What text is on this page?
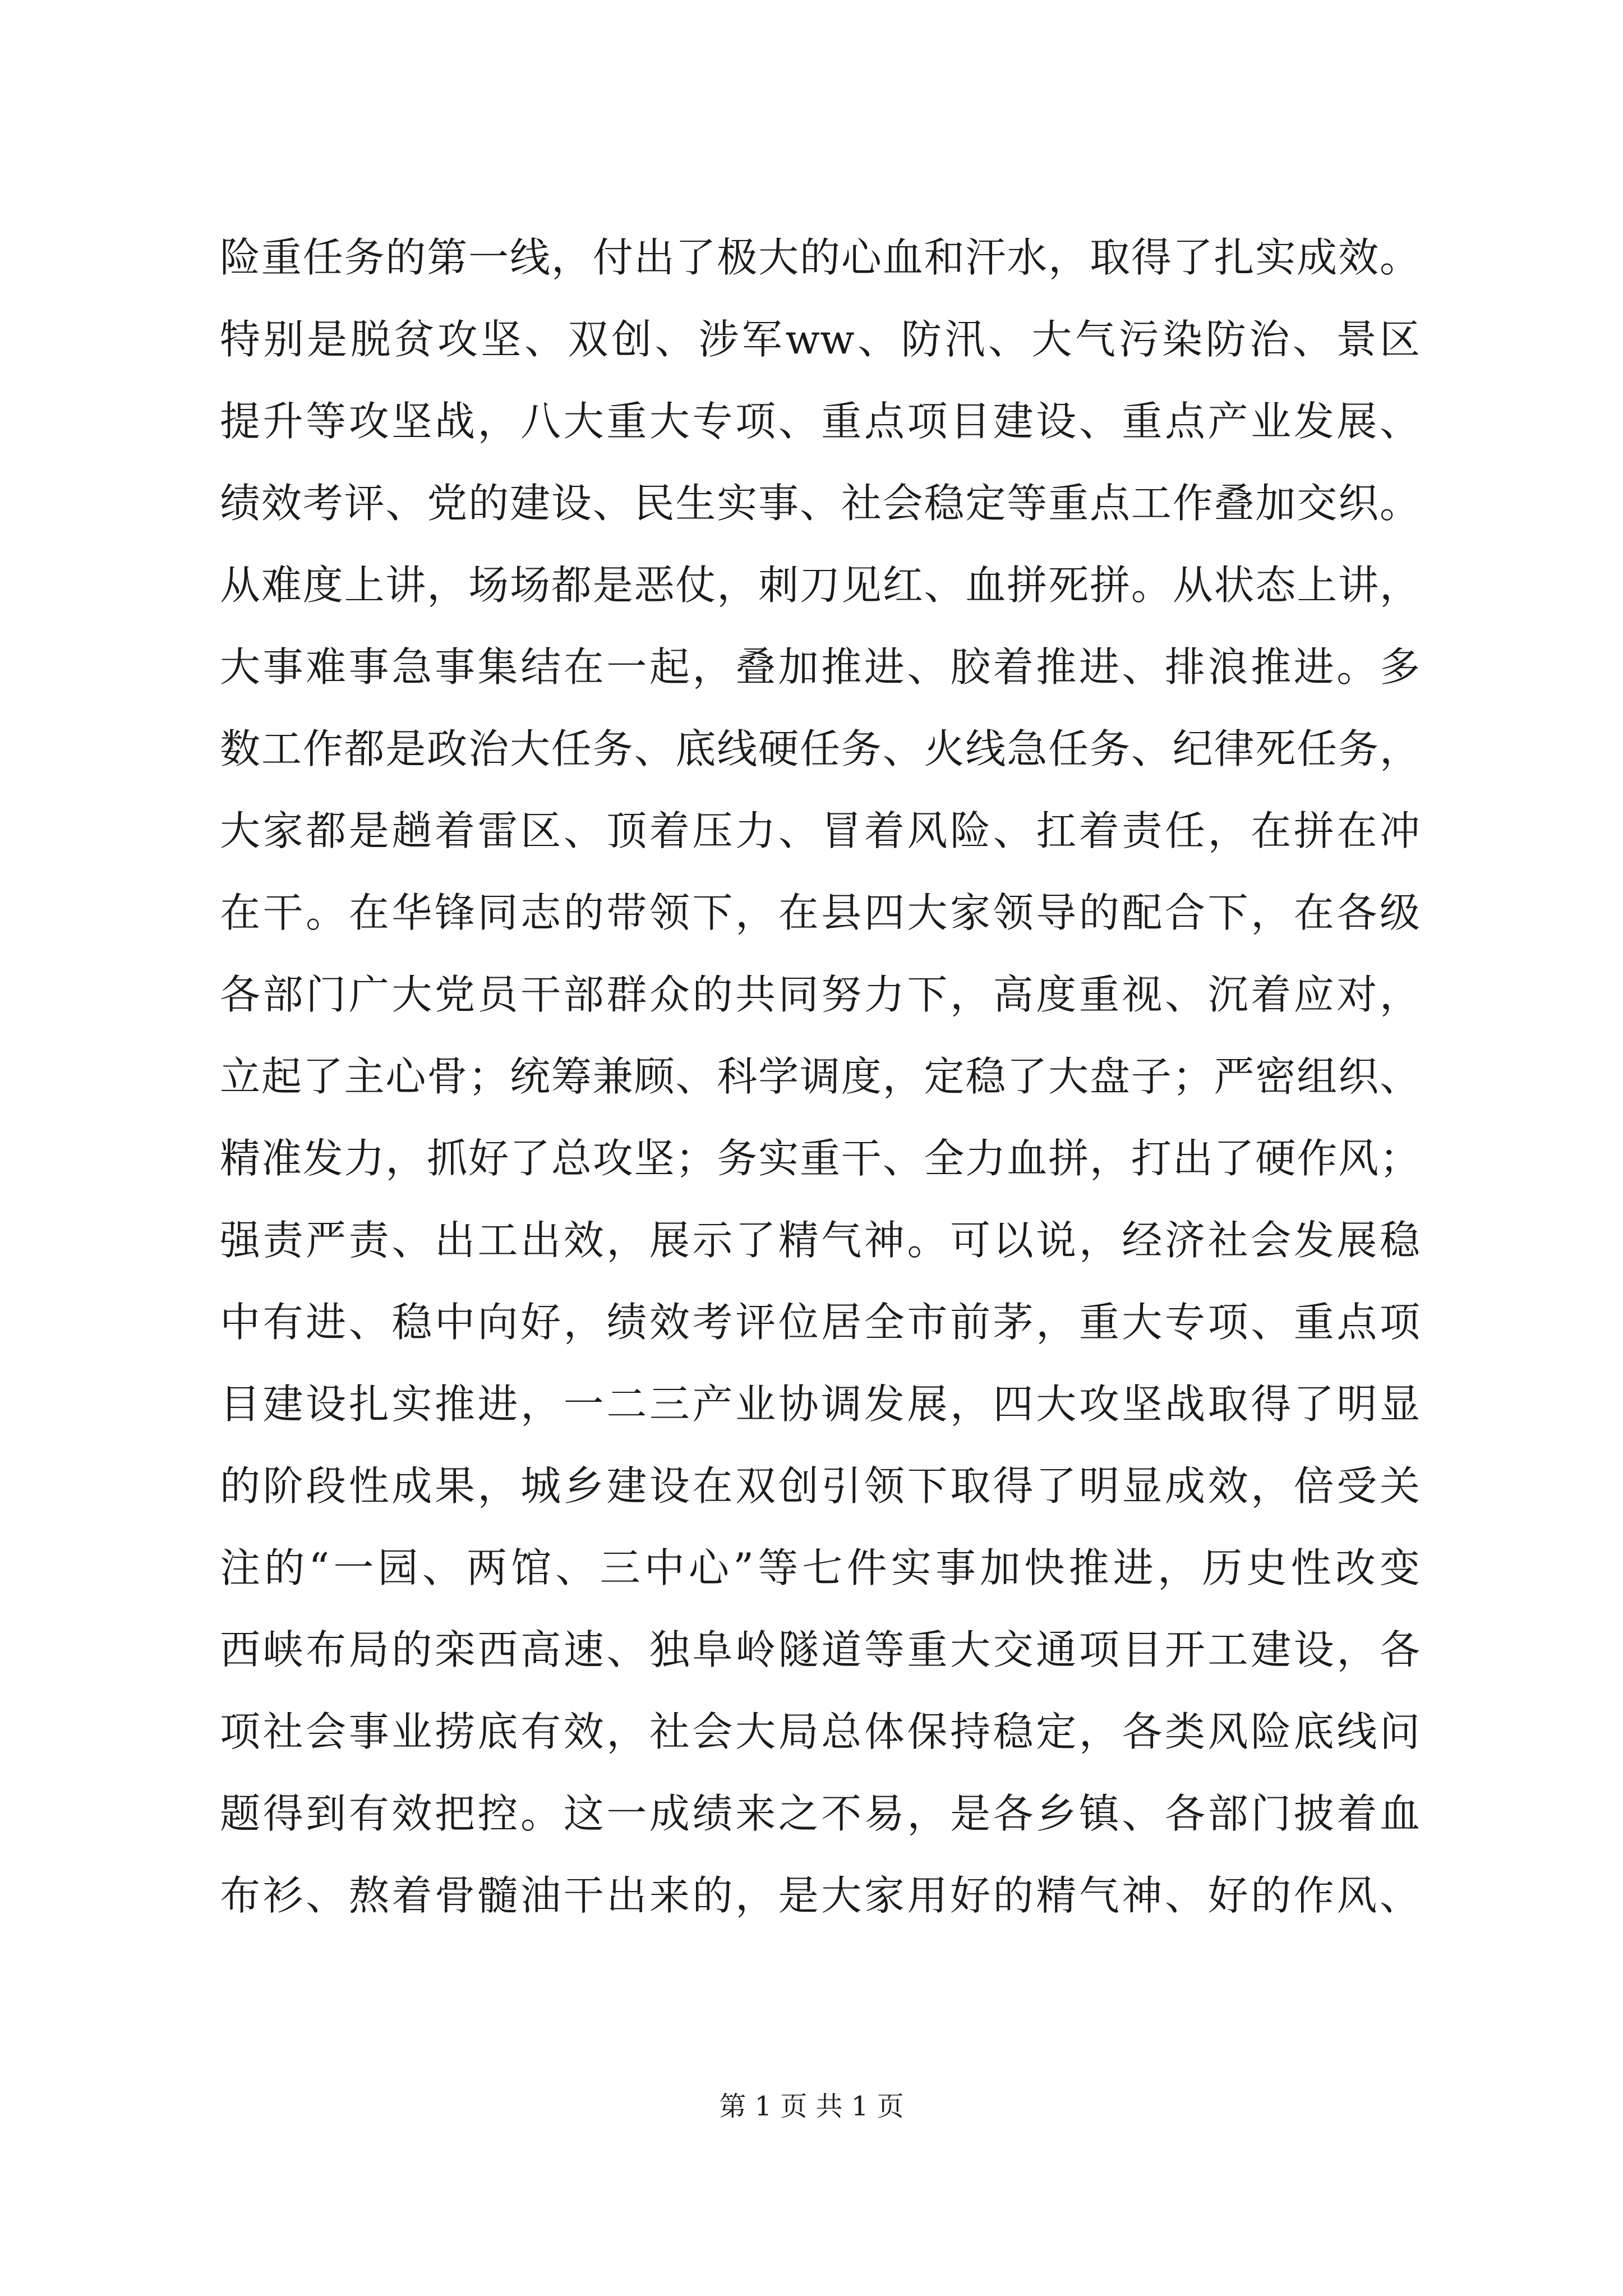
险重任务的第一线，付出了极大的心血和汗水，取得了扎实成效。
特别是脱贫攻坚、双创、涉军ww、防汛、大气污染防治、景区
提升等攻坚战，八大重大专项、重点项目建设、重点产业发展、
绩效考评、党的建设、民生实事、社会稳定等重点工作叠加交织。
从难度上讲，场场都是恶仗，刺刀见红、血拼死拼。从状态上讲，
大事难事急事集结在一起，叠加推进、胶着推进、排浪推进。多
数工作都是政治大任务、底线硬任务、火线急任务、纪律死任务，
大家都是趟着雷区、顶着压力、冒着风险、扛着责任，在拼在冲
在干。在华锋同志的带领下，在县四大家领导的配合下，在各级
各部门广大党员干部群众的共同努力下，高度重视、沉着应对，
立起了主心骨；统筹兼顾、科学调度，定稳了大盘子；严密组织、
精准发力，抓好了总攻坚；务实重干、全力血拼，打出了硬作风；
强责严责、出工出效，展示了精气神。可以说，经济社会发展稳
中有进、稳中向好，绩效考评位居全市前茅，重大专项、重点项
目建设扎实推进，一二三产业协调发展，四大攻坚战取得了明显
的阶段性成果，城乡建设在双创引领下取得了明显成效，倍受关
注的“一园、两馆、三中心”等七件实事加快推进，历史性改变
西峡布局的栾西高速、独阜岭隧道等重大交通项目开工建设，各
项社会事业捞底有效，社会大局总体保持稳定，各类风险底线问
题得到有效把控。这一成绩来之不易，是各乡镇、各部门披着血
布衫、熬着骨髓油干出来的，是大家用好的精气神、好的作风、
第 1 页 共 1 页
